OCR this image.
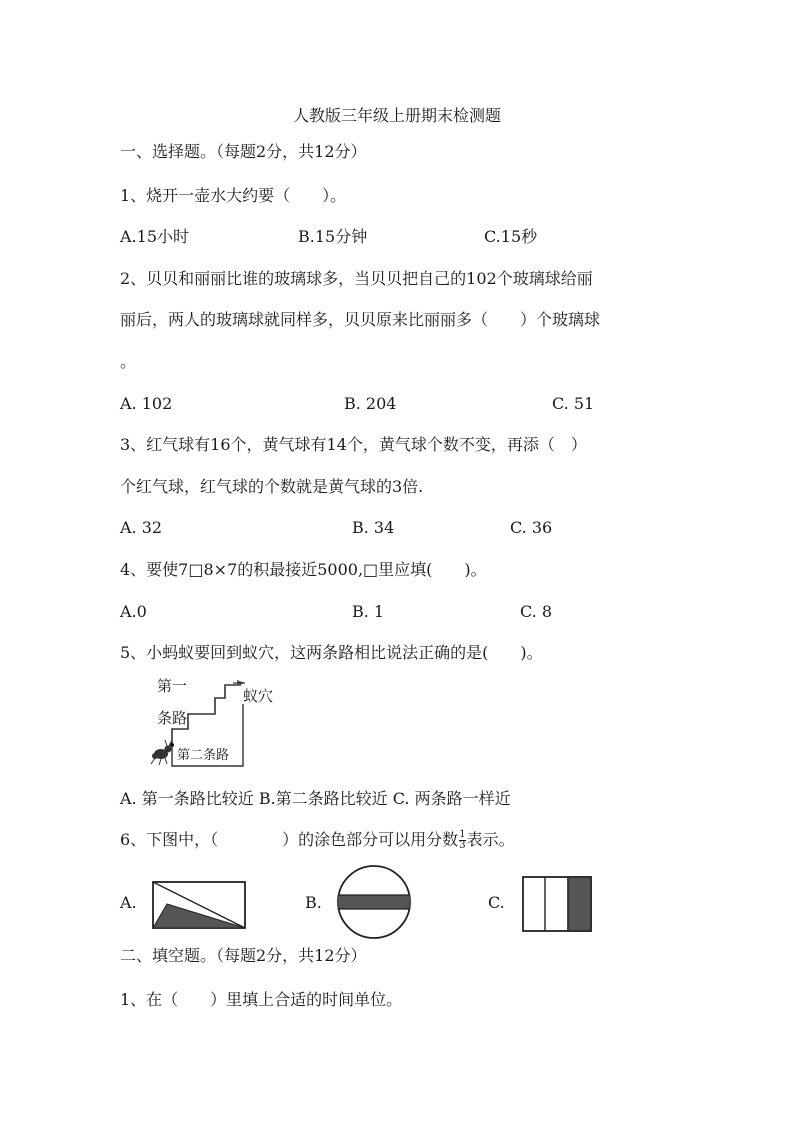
人教版三年级上册期末检测题
一、选择题。（每题2分，共12分）
1、烧开一壶水大约要（　　）。
A.15小时	B.15分钟	C.15秒
2、贝贝和丽丽比谁的玻璃球多，当贝贝把自己的102个玻璃球给丽
丽后，两人的玻璃球就同样多，贝贝原来比丽丽多（　　）个玻璃球
。
A. 102	B. 204	C. 51
3、红气球有16个，黄气球有14个，黄气球个数不变，再添（　）
个红气球，红气球的个数就是黄气球的3倍.
A. 32	B. 34	C. 36
4、要使7□8×7的积最接近5000,□里应填(　　)。
A.0	B. 1	C. 8
5、小蚂蚁要回到蚁穴，这两条路相比说法正确的是(　　)。
第一
条路
蚁穴
第二条路
A. 第一条路比较近 B.第二条路比较近 C. 两条路一样近
6、下图中，（　　　　）的涂色部分可以用分数 $\frac{1}{3}$ 表示。
A.	B.	C.
二、填空题。（每题2分，共12分）
1、在（　　）里填上合适的时间单位。
